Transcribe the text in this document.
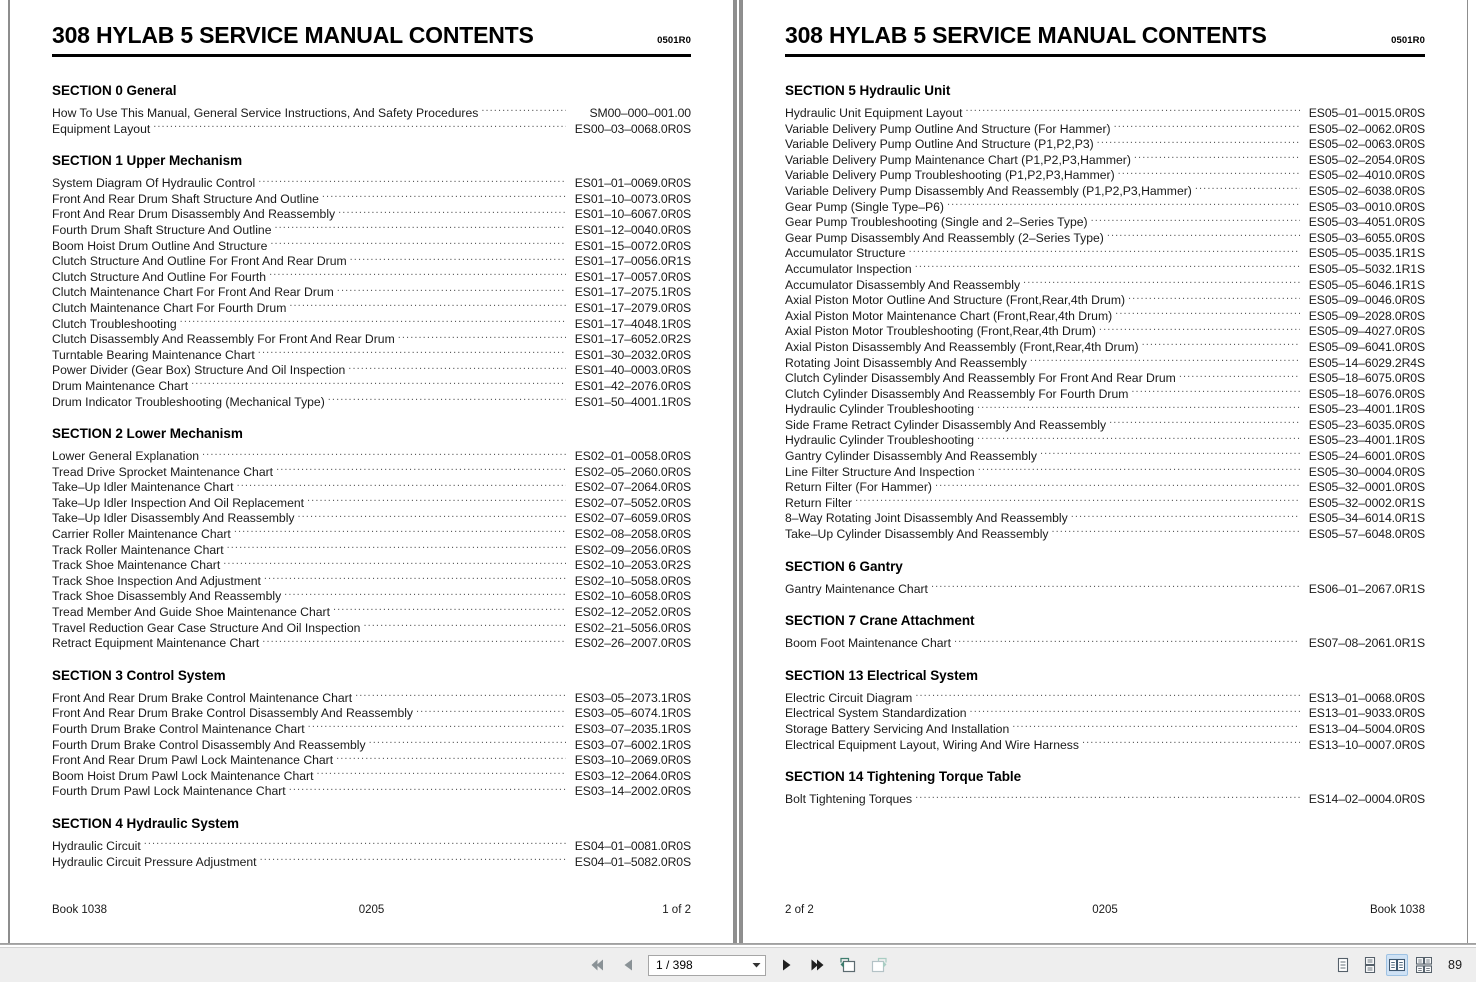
308 HYLAB 5 SERVICE MANUAL CONTENTS	0501R0
SECTION 0 General
How To Use This Manual, General Service Instructions, And Safety Procedures .....	SM00–000–001.00
Equipment Layout .....	ES00–03–0068.0R0S
SECTION 1 Upper Mechanism
System Diagram Of Hydraulic Control .....	ES01–01–0069.0R0S
Front And Rear Drum Shaft Structure And Outline .....	ES01–10–0073.0R0S
Front And Rear Drum Disassembly And Reassembly .....	ES01–10–6067.0R0S
Fourth Drum Shaft Structure And Outline .....	ES01–12–0040.0R0S
Boom Hoist Drum Outline And Structure .....	ES01–15–0072.0R0S
Clutch Structure And Outline For Front And Rear Drum .....	ES01–17–0056.0R1S
Clutch Structure And Outline For Fourth .....	ES01–17–0057.0R0S
Clutch Maintenance Chart For Front And Rear Drum .....	ES01–17–2075.1R0S
Clutch Maintenance Chart For Fourth Drum .....	ES01–17–2079.0R0S
Clutch Troubleshooting .....	ES01–17–4048.1R0S
Clutch Disassembly And Reassembly For Front And Rear Drum .....	ES01–17–6052.0R2S
Turntable Bearing Maintenance Chart .....	ES01–30–2032.0R0S
Power Divider (Gear Box) Structure And Oil Inspection .....	ES01–40–0003.0R0S
Drum Maintenance Chart .....	ES01–42–2076.0R0S
Drum Indicator Troubleshooting (Mechanical Type) .....	ES01–50–4001.1R0S
SECTION 2 Lower Mechanism
Lower General Explanation .....	ES02–01–0058.0R0S
Tread Drive Sprocket Maintenance Chart .....	ES02–05–2060.0R0S
Take–Up Idler Maintenance Chart .....	ES02–07–2064.0R0S
Take–Up Idler Inspection And Oil Replacement .....	ES02–07–5052.0R0S
Take–Up Idler Disassembly And Reassembly .....	ES02–07–6059.0R0S
Carrier Roller Maintenance Chart .....	ES02–08–2058.0R0S
Track Roller Maintenance Chart .....	ES02–09–2056.0R0S
Track Shoe Maintenance Chart .....	ES02–10–2053.0R2S
Track Shoe Inspection And Adjustment .....	ES02–10–5058.0R0S
Track Shoe Disassembly And Reassembly .....	ES02–10–6058.0R0S
Tread Member And Guide Shoe Maintenance Chart .....	ES02–12–2052.0R0S
Travel Reduction Gear Case Structure And Oil Inspection .....	ES02–21–5056.0R0S
Retract Equipment Maintenance Chart .....	ES02–26–2007.0R0S
SECTION 3 Control System
Front And Rear Drum Brake Control Maintenance Chart .....	ES03–05–2073.1R0S
Front And Rear Drum Brake Control Disassembly And Reassembly .....	ES03–05–6074.1R0S
Fourth Drum Brake Control Maintenance Chart .....	ES03–07–2035.1R0S
Fourth Drum Brake Control Disassembly And Reassembly .....	ES03–07–6002.1R0S
Front And Rear Drum Pawl Lock Maintenance Chart .....	ES03–10–2069.0R0S
Boom Hoist Drum Pawl Lock Maintenance Chart .....	ES03–12–2064.0R0S
Fourth Drum Pawl Lock Maintenance Chart .....	ES03–14–2002.0R0S
SECTION 4 Hydraulic System
Hydraulic Circuit .....	ES04–01–0081.0R0S
Hydraulic Circuit Pressure Adjustment .....	ES04–01–5082.0R0S
Book 1038	0205	1 of 2
308 HYLAB 5 SERVICE MANUAL CONTENTS	0501R0
SECTION 5 Hydraulic Unit
Hydraulic Unit Equipment Layout .....	ES05–01–0015.0R0S
Variable Delivery Pump Outline And Structure (For Hammer) .....	ES05–02–0062.0R0S
Variable Delivery Pump Outline And Structure (P1,P2,P3) .....	ES05–02–0063.0R0S
Variable Delivery Pump Maintenance Chart (P1,P2,P3,Hammer) .....	ES05–02–2054.0R0S
Variable Delivery Pump Troubleshooting (P1,P2,P3,Hammer) .....	ES05–02–4010.0R0S
Variable Delivery Pump Disassembly And Reassembly (P1,P2,P3,Hammer) .....	ES05–02–6038.0R0S
Gear Pump (Single Type–P6) .....	ES05–03–0010.0R0S
Gear Pump Troubleshooting (Single and 2–Series Type) .....	ES05–03–4051.0R0S
Gear Pump Disassembly And Reassembly (2–Series Type) .....	ES05–03–6055.0R0S
Accumulator Structure .....	ES05–05–0035.1R1S
Accumulator Inspection .....	ES05–05–5032.1R1S
Accumulator Disassembly And Reassembly .....	ES05–05–6046.1R1S
Axial Piston Motor Outline And Structure (Front,Rear,4th Drum) .....	ES05–09–0046.0R0S
Axial Piston Motor Maintenance Chart (Front,Rear,4th Drum) .....	ES05–09–2028.0R0S
Axial Piston Motor Troubleshooting (Front,Rear,4th Drum) .....	ES05–09–4027.0R0S
Axial Piston Disassembly And Reassembly (Front,Rear,4th Drum) .....	ES05–09–6041.0R0S
Rotating Joint Disassembly And Reassembly .....	ES05–14–6029.2R4S
Clutch Cylinder Disassembly And Reassembly For Front And Rear Drum .....	ES05–18–6075.0R0S
Clutch Cylinder Disassembly And Reassembly For Fourth Drum .....	ES05–18–6076.0R0S
Hydraulic Cylinder Troubleshooting .....	ES05–23–4001.1R0S
Side Frame Retract Cylinder Disassembly And Reassembly .....	ES05–23–6035.0R0S
Hydraulic Cylinder Troubleshooting .....	ES05–23–4001.1R0S
Gantry Cylinder Disassembly And Reassembly .....	ES05–24–6001.0R0S
Line Filter Structure And Inspection .....	ES05–30–0004.0R0S
Return Filter (For Hammer) .....	ES05–32–0001.0R0S
Return Filter .....	ES05–32–0002.0R1S
8–Way Rotating Joint Disassembly And Reassembly .....	ES05–34–6014.0R1S
Take–Up Cylinder Disassembly And Reassembly .....	ES05–57–6048.0R0S
SECTION 6 Gantry
Gantry Maintenance Chart .....	ES06–01–2067.0R1S
SECTION 7 Crane Attachment
Boom Foot Maintenance Chart .....	ES07–08–2061.0R1S
SECTION 13 Electrical System
Electric Circuit Diagram .....	ES13–01–0068.0R0S
Electrical System Standardization .....	ES13–01–9033.0R0S
Storage Battery Servicing And Installation .....	ES13–04–5004.0R0S
Electrical Equipment Layout, Wiring And Wire Harness .....	ES13–10–0007.0R0S
SECTION 14 Tightening Torque Table
Bolt Tightening Torques .....	ES14–02–0004.0R0S
2 of 2	0205	Book 1038
1 / 398	89
